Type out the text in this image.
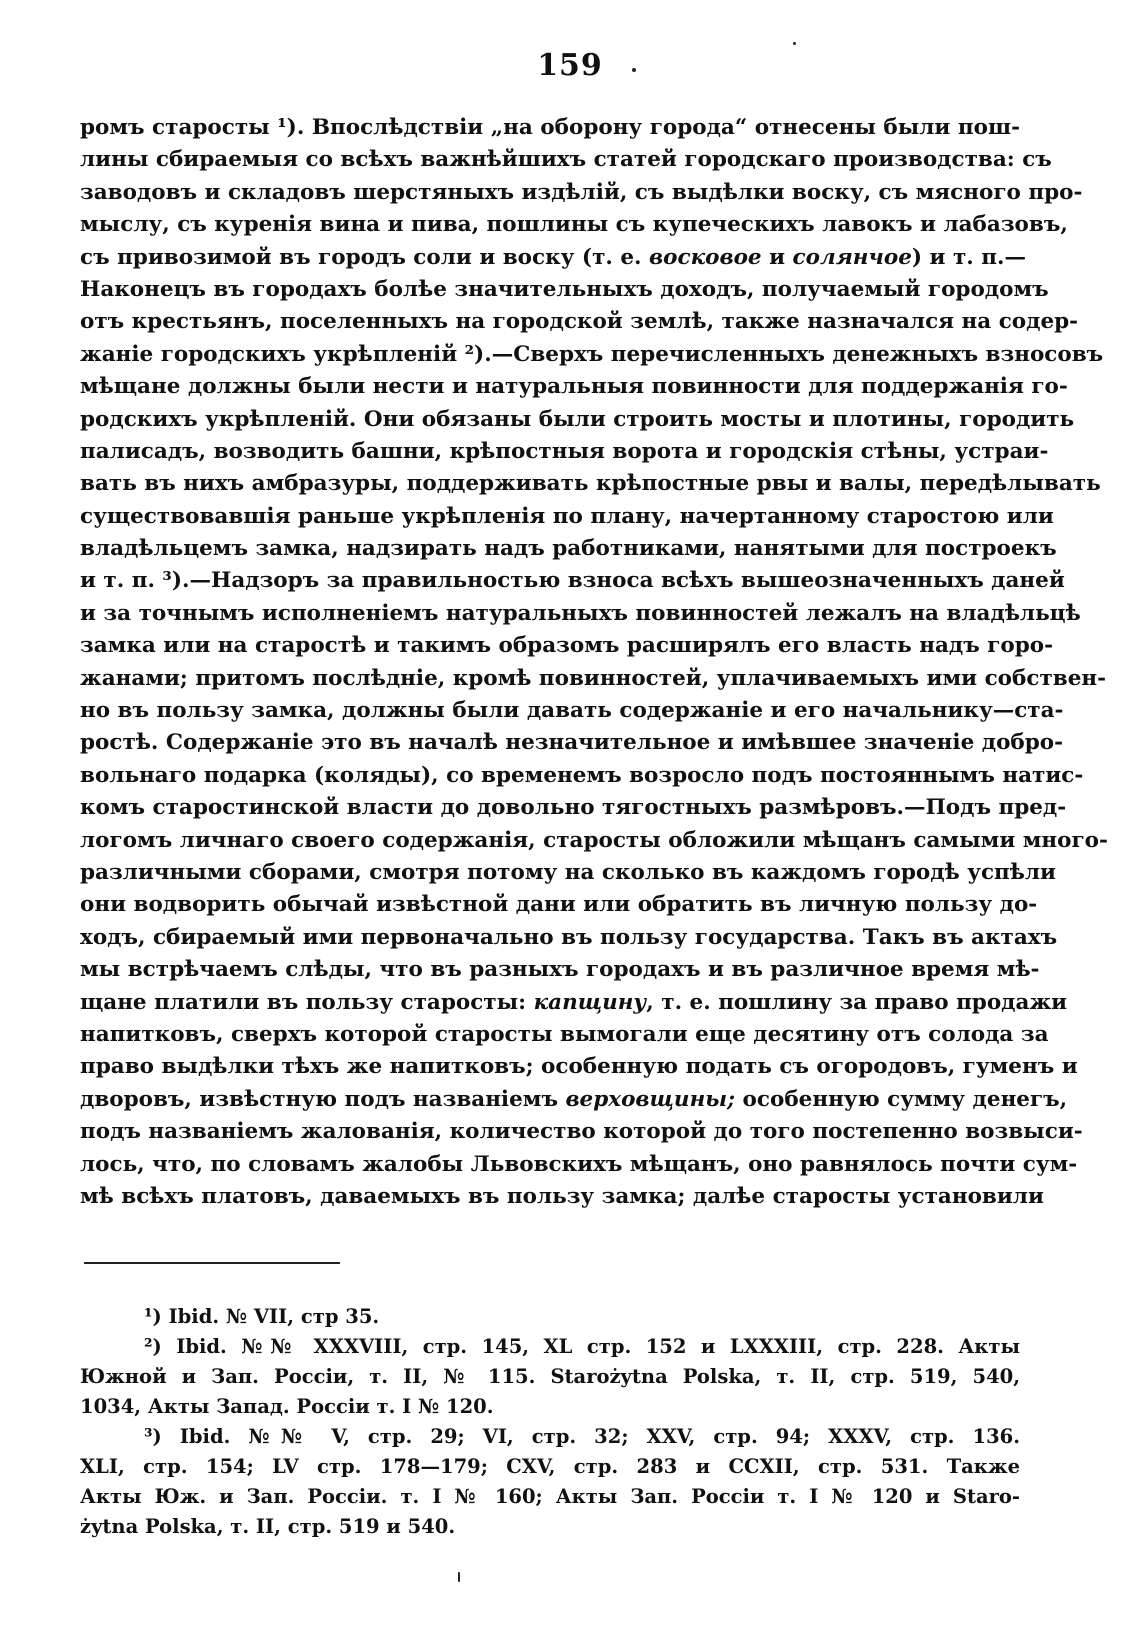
159
ромъ старосты ¹). Впослѣдствіи „на оборону города“ отнесены были пош-
лины сбираемыя со всѣхъ важнѣйшихъ статей городскаго производства: съ
заводовъ и складовъ шерстяныхъ издѣлій, съ выдѣлки воску, съ мясного про-
мыслу, съ куренія вина и пива, пошлины съ купеческихъ лавокъ и лабазовъ,
съ привозимой въ городъ соли и воску (т. е. восковое и солянчое) и т. п.—
Наконецъ въ городахъ болѣе значительныхъ доходъ, получаемый городомъ
отъ крестьянъ, поселенныхъ на городской землѣ, также назначался на содер-
жаніе городскихъ укрѣпленій ²).—Сверхъ перечисленныхъ денежныхъ взносовъ
мѣщане должны были нести и натуральныя повинности для поддержанія го-
родскихъ укрѣпленій. Они обязаны были строить мосты и плотины, городить
палисадъ, возводить башни, крѣпостныя ворота и городскія стѣны, устраи-
вать въ нихъ амбразуры, поддерживать крѣпостные рвы и валы, передѣлывать
существовавшія раньше укрѣпленія по плану, начертанному старостою или
владѣльцемъ замка, надзирать надъ работниками, нанятыми для построекъ
и т. п. ³).—Надзоръ за правильностью взноса всѣхъ вышеозначенныхъ даней
и за точнымъ исполненіемъ натуральныхъ повинностей лежалъ на владѣльцѣ
замка или на старостѣ и такимъ образомъ расширялъ его власть надъ горо-
жанами; притомъ послѣдніе, кромѣ повинностей, уплачиваемыхъ ими собствен-
но въ пользу замка, должны были давать содержаніе и его начальнику—ста-
ростѣ. Содержаніе это въ началѣ незначительное и имѣвшее значеніе добро-
вольнаго подарка (коляды), со временемъ возросло подъ постояннымъ натис-
комъ старостинской власти до довольно тягостныхъ размѣровъ.—Подъ пред-
логомъ личнаго своего содержанія, старосты обложили мѣщанъ самыми много-
различными сборами, смотря потому на сколько въ каждомъ городѣ успѣли
они водворить обычай извѣстной дани или обратить въ личную пользу до-
ходъ, сбираемый ими первоначально въ пользу государства. Такъ въ актахъ
мы встрѣчаемъ слѣды, что въ разныхъ городахъ и въ различное время мѣ-
щане платили въ пользу старосты: капщину, т. е. пошлину за право продажи
напитковъ, сверхъ которой старосты вымогали еще десятину отъ солода за
право выдѣлки тѣхъ же напитковъ; особенную подать съ огородовъ, гуменъ и
дворовъ, извѣстную подъ названіемъ верховщины; особенную сумму денегъ,
подъ названіемъ жалованія, количество которой до того постепенно возвыси-
лось, что, по словамъ жалобы Львовскихъ мѣщанъ, оно равнялось почти сум-
мѣ всѣхъ платовъ, даваемыхъ въ пользу замка; далѣе старосты установили
¹) Ibid. № VII, стр 35.
²) Ibid. №№ XXXVIII, стр. 145, XL стр. 152 и LXXXIII, стр. 228. Акты
Южной и Зап. Россіи, т. II, № 115. Starożytna Polska, т. II, стр. 519, 540,
1034, Акты Запад. Россіи т. I № 120.
³) Ibid. №№ V, стр. 29; VI, стр. 32; XXV, стр. 94; XXXV, стр. 136.
XLI, стр. 154; LV стр. 178—179; CXV, стр. 283 и CCXII, стр. 531. Также
Акты Юж. и Зап. Россіи. т. I № 160; Акты Зап. Россіи т. I № 120 и Staro-
żytna Polska, т. II, стр. 519 и 540.
